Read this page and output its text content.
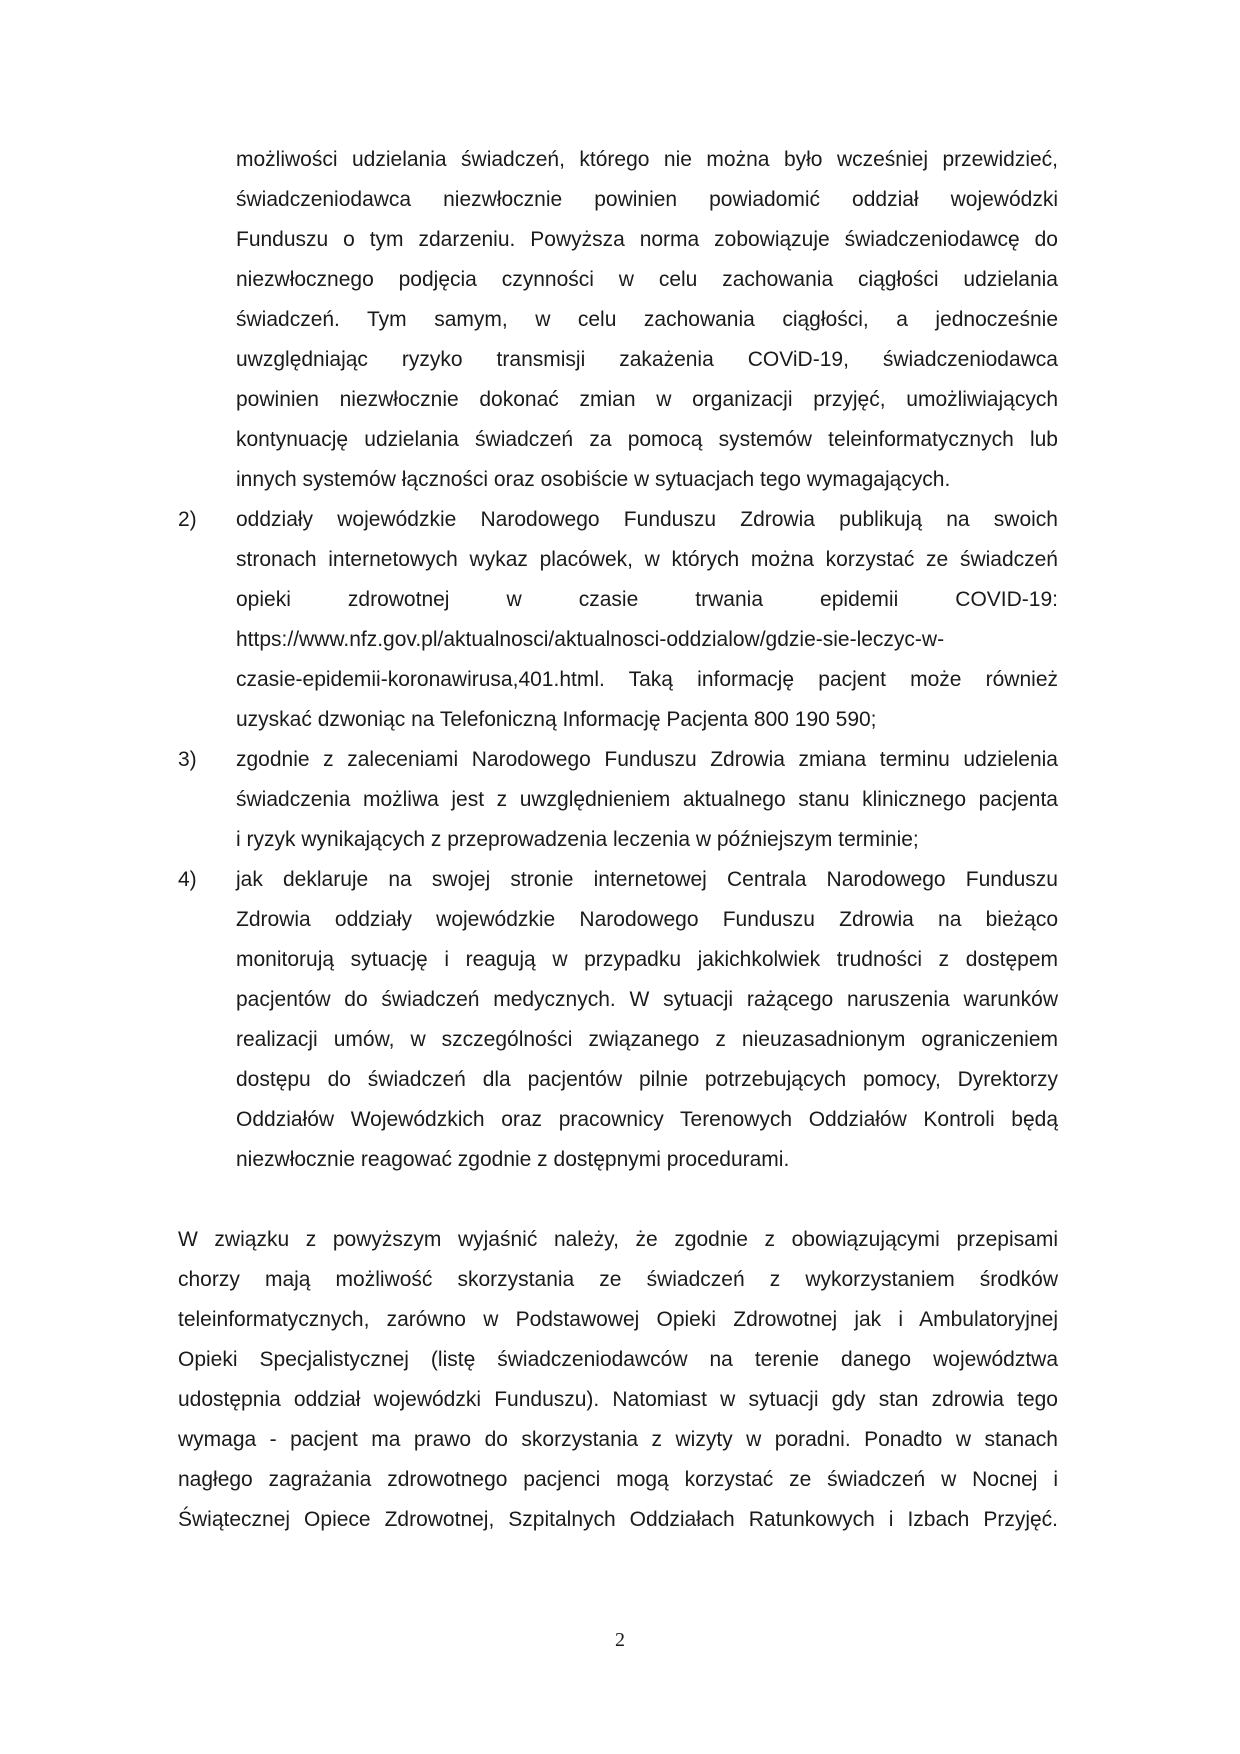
możliwości udzielania świadczeń, którego nie można było wcześniej przewidzieć,
świadczeniodawca niezwłocznie powinien powiadomić oddział wojewódzki
Funduszu o tym zdarzeniu. Powyższa norma zobowiązuje świadczeniodawcę do
niezwłocznego podjęcia czynności w celu zachowania ciągłości udzielania
świadczeń. Tym samym, w celu zachowania ciągłości, a jednocześnie
uwzględniając ryzyko transmisji zakażenia COViD-19, świadczeniodawca
powinien niezwłocznie dokonać zmian w organizacji przyjęć, umożliwiających
kontynuację udzielania świadczeń za pomocą systemów teleinformatycznych lub
innych systemów łączności oraz osobiście w sytuacjach tego wymagających.
2) oddziały wojewódzkie Narodowego Funduszu Zdrowia publikują na swoich
stronach internetowych wykaz placówek, w których można korzystać ze świadczeń
opieki zdrowotnej w czasie trwania epidemii COVID-19:
https://www.nfz.gov.pl/aktualnosci/aktualnosci-oddzialow/gdzie-sie-leczyc-w-
czasie-epidemii-koronawirusa,401.html. Taką informację pacjent może również
uzyskać dzwoniąc na Telefoniczną Informację Pacjenta 800 190 590;
3) zgodnie z zaleceniami Narodowego Funduszu Zdrowia zmiana terminu udzielenia
świadczenia możliwa jest z uwzględnieniem aktualnego stanu klinicznego pacjenta
i ryzyk wynikających z przeprowadzenia leczenia w późniejszym terminie;
4) jak deklaruje na swojej stronie internetowej Centrala Narodowego Funduszu
Zdrowia oddziały wojewódzkie Narodowego Funduszu Zdrowia na bieżąco
monitorują sytuację i reagują w przypadku jakichkolwiek trudności z dostępem
pacjentów do świadczeń medycznych. W sytuacji rażącego naruszenia warunków
realizacji umów, w szczególności związanego z nieuzasadnionym ograniczeniem
dostępu do świadczeń dla pacjentów pilnie potrzebujących pomocy, Dyrektorzy
Oddziałów Wojewódzkich oraz pracownicy Terenowych Oddziałów Kontroli będą
niezwłocznie reagować zgodnie z dostępnymi procedurami.
W związku z powyższym wyjaśnić należy, że zgodnie z obowiązującymi przepisami
chorzy mają możliwość skorzystania ze świadczeń z wykorzystaniem środków
teleinformatycznych, zarówno w Podstawowej Opieki Zdrowotnej jak i Ambulatoryjnej
Opieki Specjalistycznej (listę świadczeniodawców na terenie danego województwa
udostępnia oddział wojewódzki Funduszu). Natomiast w sytuacji gdy stan zdrowia tego
wymaga - pacjent ma prawo do skorzystania z wizyty w poradni. Ponadto w stanach
nagłego zagrażania zdrowotnego pacjenci mogą korzystać ze świadczeń w Nocnej i
Świątecznej Opiece Zdrowotnej, Szpitalnych Oddziałach Ratunkowych i Izbach Przyjęć.
2
